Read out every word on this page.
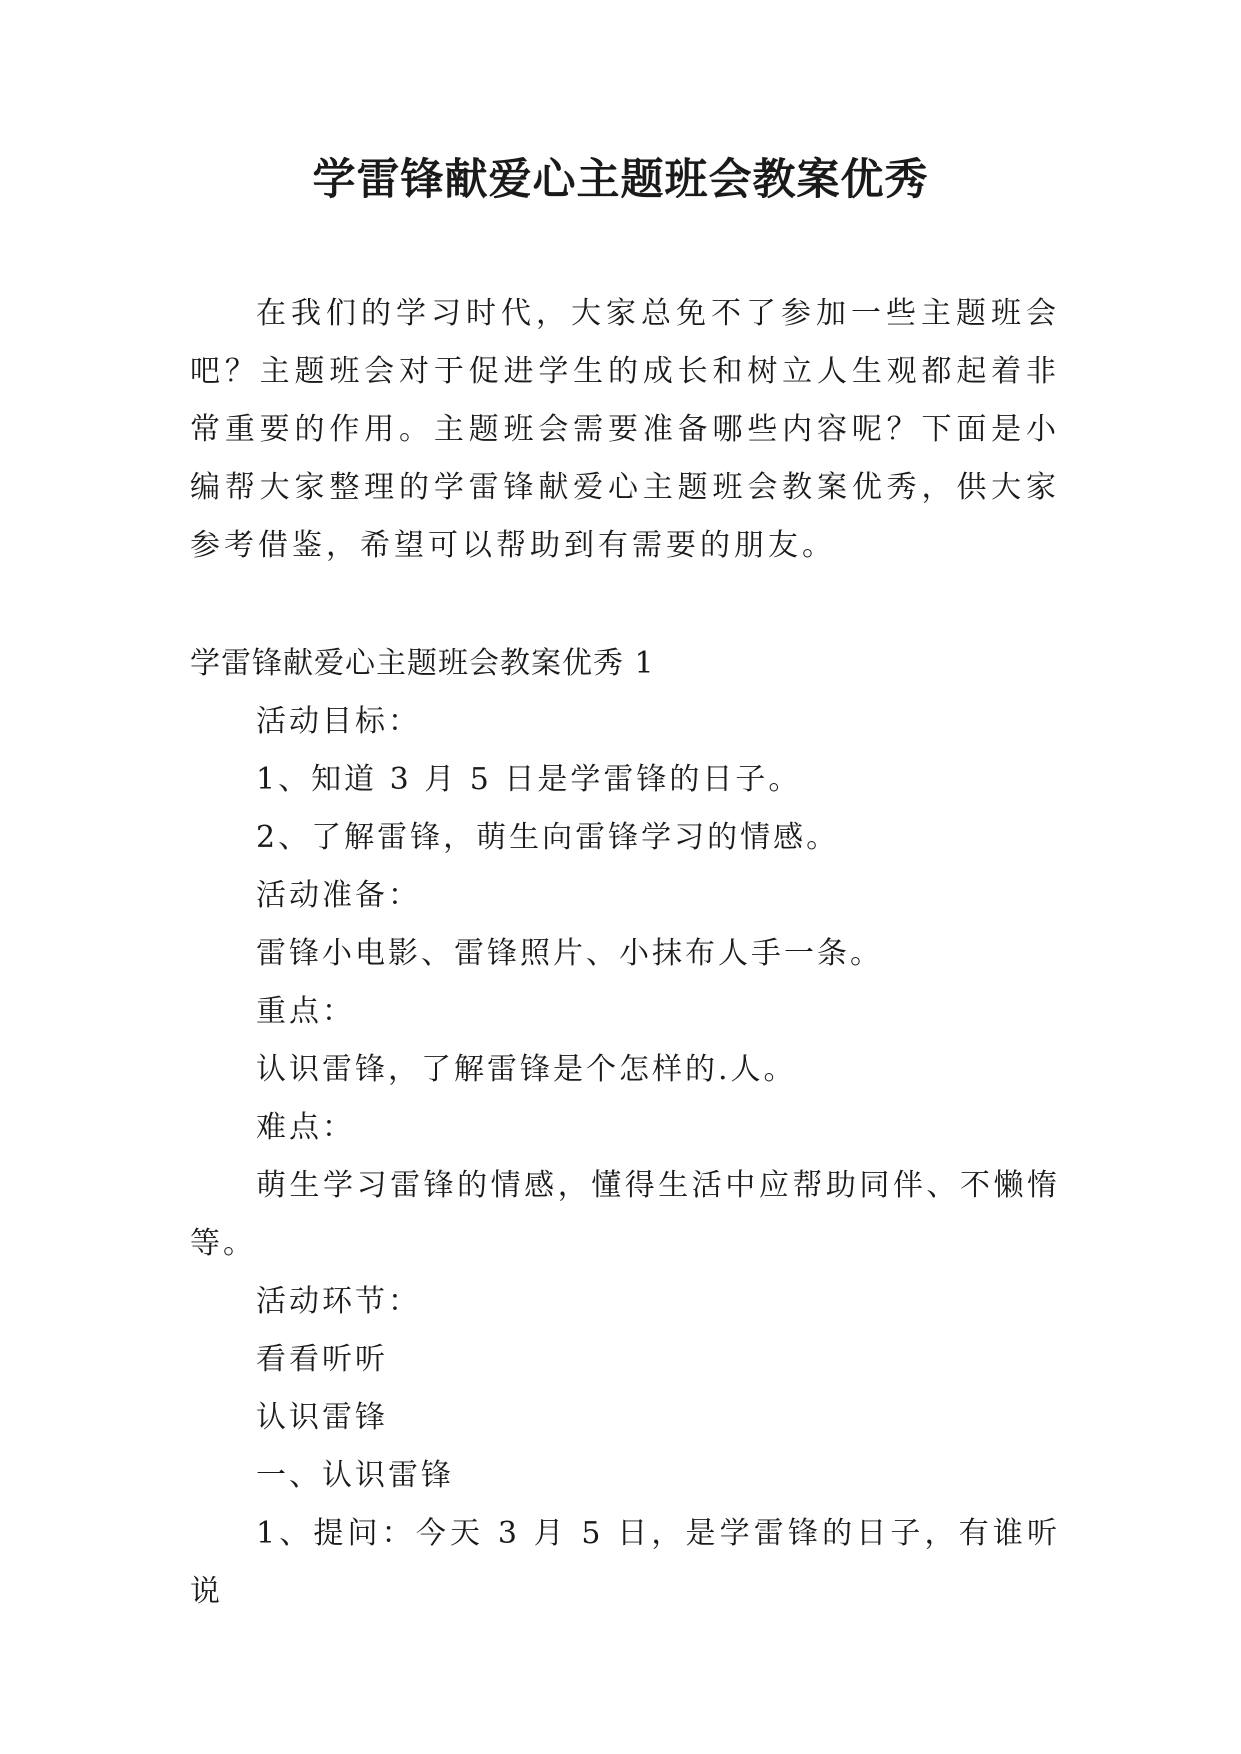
学雷锋献爱心主题班会教案优秀

在我们的学习时代，大家总免不了参加一些主题班会吧？主题班会对于促进学生的成长和树立人生观都起着非常重要的作用。主题班会需要准备哪些内容呢？下面是小编帮大家整理的学雷锋献爱心主题班会教案优秀，供大家参考借鉴，希望可以帮助到有需要的朋友。

学雷锋献爱心主题班会教案优秀 1

活动目标：

1、知道 3 月 5 日是学雷锋的日子。

2、了解雷锋，萌生向雷锋学习的情感。

活动准备：

雷锋小电影、雷锋照片、小抹布人手一条。

重点：

认识雷锋，了解雷锋是个怎样的.人。

难点：

萌生学习雷锋的情感，懂得生活中应帮助同伴、不懒惰等。

活动环节：

看看听听

认识雷锋

一、认识雷锋

1、提问：今天 3 月 5 日，是学雷锋的日子，有谁听说
